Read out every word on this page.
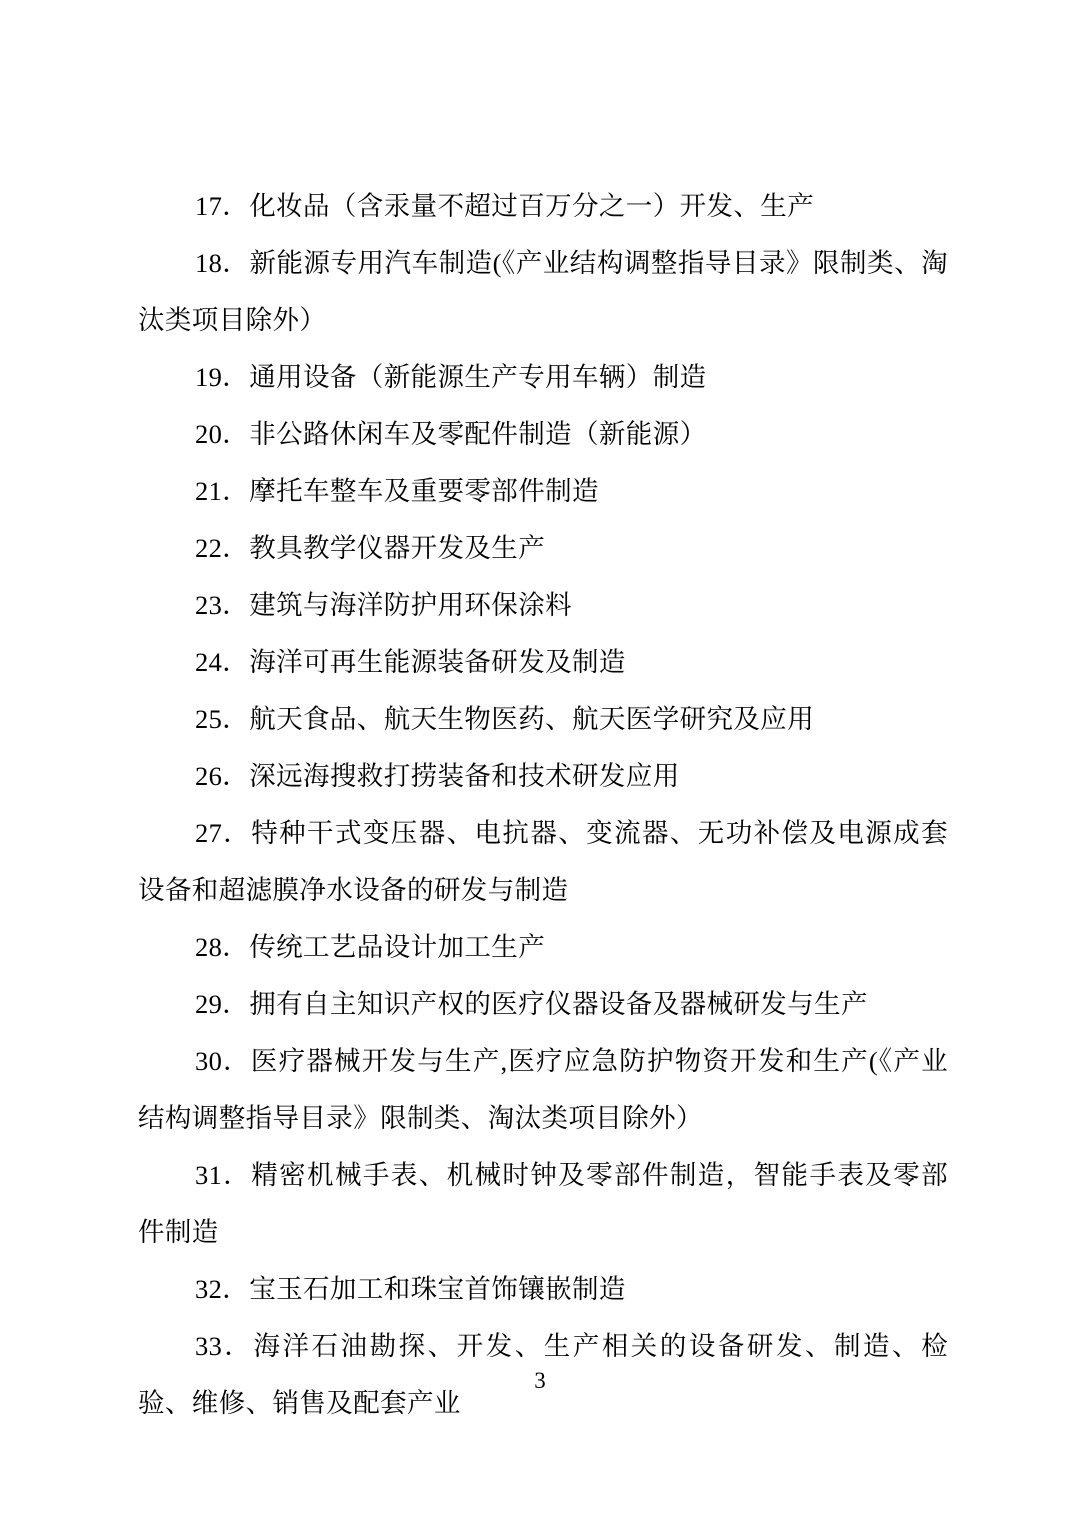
17．化妆品（含汞量不超过百万分之一）开发、生产

18．新能源专用汽车制造(《产业结构调整指导目录》限制类、淘汰类项目除外）

19．通用设备（新能源生产专用车辆）制造

20．非公路休闲车及零配件制造（新能源）

21．摩托车整车及重要零部件制造

22．教具教学仪器开发及生产

23．建筑与海洋防护用环保涂料

24．海洋可再生能源装备研发及制造

25．航天食品、航天生物医药、航天医学研究及应用

26．深远海搜救打捞装备和技术研发应用

27．特种干式变压器、电抗器、变流器、无功补偿及电源成套设备和超滤膜净水设备的研发与制造

28．传统工艺品设计加工生产

29．拥有自主知识产权的医疗仪器设备及器械研发与生产

30．医疗器械开发与生产,医疗应急防护物资开发和生产(《产业结构调整指导目录》限制类、淘汰类项目除外）

31．精密机械手表、机械时钟及零部件制造，智能手表及零部件制造

32．宝玉石加工和珠宝首饰镶嵌制造

33．海洋石油勘探、开发、生产相关的设备研发、制造、检验、维修、销售及配套产业

3
